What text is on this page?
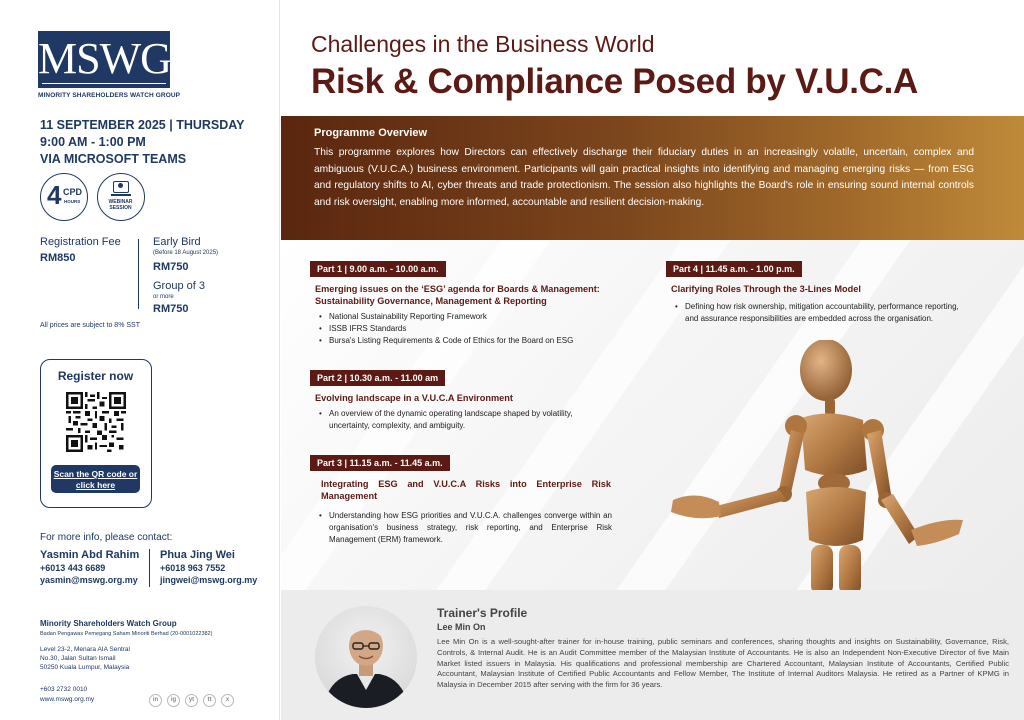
MSWG
MINORITY SHAREHOLDERS WATCH GROUP
11 SEPTEMBER 2025 | THURSDAY
9:00 AM - 1:00 PM
VIA MICROSOFT TEAMS
4 CPD
HOURS	WEBINAR SESSION
Registration Fee
RM850
Early Bird
(Before 18 August 2025)
RM750
Group of 3
or more
RM750
All prices are subject to 8% SST
Register now
Scan the QR code or click here
For more info, please contact:
Yasmin Abd Rahim
+6013 443 6689
yasmin@mswg.org.my
Phua Jing Wei
+6018 963 7552
jingwei@mswg.org.my
Minority Shareholders Watch Group
Badan Pengawas Pemegang Saham Minoriti Berhad (20-0001022382)
Level 23-2, Menara AIA Sentral
No.30, Jalan Sultan Ismail
50250 Kuala Lumpur, Malaysia
+603 2732 0010
www.mswg.org.my	in	ig	yt	tt	x
Challenges in the Business World
Risk & Compliance Posed by V.U.C.A
Programme Overview
This programme explores how Directors can effectively discharge their fiduciary duties in an increasingly volatile, uncertain, complex and ambiguous (V.U.C.A.) business environment. Participants will gain practical insights into identifying and managing emerging risks — from ESG and regulatory shifts to AI, cyber threats and trade protectionism. The session also highlights the Board's role in ensuring sound internal controls and risk oversight, enabling more informed, accountable and resilient decision-making.
Part 1 | 9.00 a.m. - 10.00 a.m.
Emerging issues on the ‘ESG’ agenda for Boards & Management: Sustainability Governance, Management & Reporting
• National Sustainability Reporting Framework
• ISSB IFRS Standards
• Bursa's Listing Requirements & Code of Ethics for the Board on ESG
Part 2 | 10.30 a.m. - 11.00 am
Evolving landscape in a V.U.C.A Environment
• An overview of the dynamic operating landscape shaped by volatility, uncertainty, complexity, and ambiguity.
Part 3 | 11.15 a.m. - 11.45 a.m.
Integrating ESG and V.U.C.A Risks into Enterprise Risk Management
• Understanding how ESG priorities and V.U.C.A. challenges converge within an organisation's business strategy, risk reporting, and Enterprise Risk Management (ERM) framework.
Part 4 | 11.45 a.m. - 1.00 p.m.
Clarifying Roles Through the 3-Lines Model
• Defining how risk ownership, mitigation accountability, performance reporting, and assurance responsibilities are embedded across the organisation.
Trainer's Profile
Lee Min On
Lee Min On is a well-sought-after trainer for in-house training, public seminars and conferences, sharing thoughts and insights on Sustainability, Governance, Risk, Controls, & Internal Audit. He is an Audit Committee member of the Malaysian Institute of Accountants. He is also an Independent Non-Executive Director of five Main Market listed issuers in Malaysia. His qualifications and professional membership are Chartered Accountant, Malaysian Institute of Accountants, Certified Public Accountant, Malaysian Institute of Certified Public Accountants and Fellow Member, The Institute of Internal Auditors Malaysia. He retired as a Partner of KPMG in Malaysia in December 2015 after serving with the firm for 36 years.
